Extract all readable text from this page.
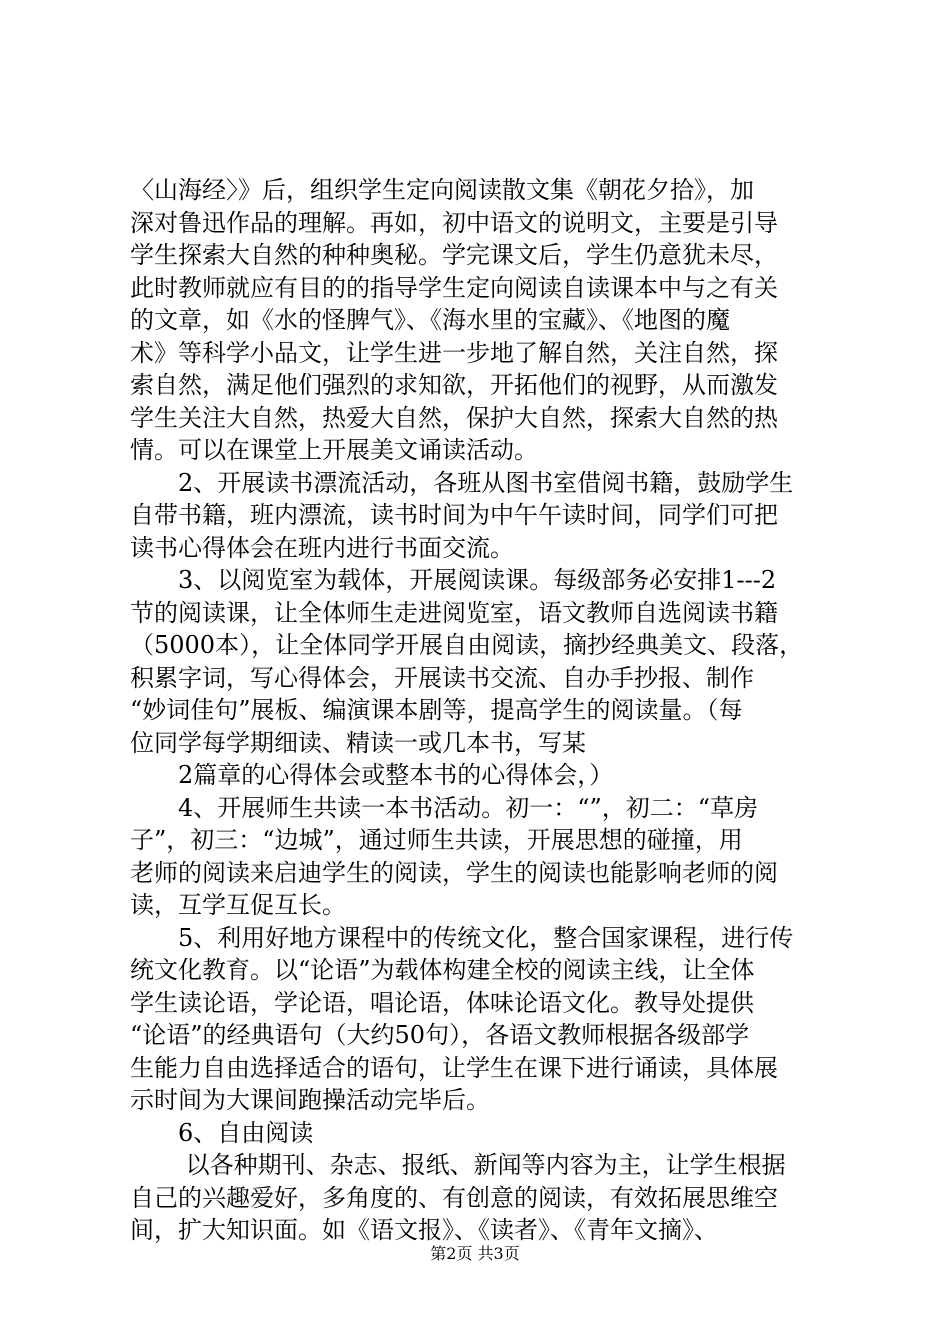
〈山海经〉》后，组织学生定向阅读散文集《朝花夕拾》，加
深对鲁迅作品的理解。再如，初中语文的说明文，主要是引导
学生探索大自然的种种奥秘。学完课文后，学生仍意犹未尽，
此时教师就应有目的的指导学生定向阅读自读课本中与之有关
的文章，如《水的怪脾气》、《海水里的宝藏》、《地图的魔
术》等科学小品文，让学生进一步地了解自然，关注自然，探
索自然，满足他们强烈的求知欲，开拓他们的视野，从而激发
学生关注大自然，热爱大自然，保护大自然，探索大自然的热
情。可以在课堂上开展美文诵读活动。
　　2、开展读书漂流活动，各班从图书室借阅书籍，鼓励学生
自带书籍，班内漂流，读书时间为中午午读时间，同学们可把
读书心得体会在班内进行书面交流。
　　3、以阅览室为载体，开展阅读课。每级部务必安排1---2
节的阅读课，让全体师生走进阅览室，语文教师自选阅读书籍
（5000本），让全体同学开展自由阅读，摘抄经典美文、段落，
积累字词，写心得体会，开展读书交流、自办手抄报、制作
“妙词佳句”展板、编演课本剧等，提高学生的阅读量。（每
位同学每学期细读、精读一或几本书，写某
　　2篇章的心得体会或整本书的心得体会，）
　　4、开展师生共读一本书活动。初一：“”，初二：“草房
子”，初三：“边城”，通过师生共读，开展思想的碰撞，用
老师的阅读来启迪学生的阅读，学生的阅读也能影响老师的阅
读，互学互促互长。
　　5、利用好地方课程中的传统文化，整合国家课程，进行传
统文化教育。以“论语”为载体构建全校的阅读主线，让全体
学生读论语，学论语，唱论语，体味论语文化。教导处提供
“论语”的经典语句（大约50句），各语文教师根据各级部学
生能力自由选择适合的语句，让学生在课下进行诵读，具体展
示时间为大课间跑操活动完毕后。
　　6、自由阅读
　　 以各种期刊、杂志、报纸、新闻等内容为主，让学生根据
自己的兴趣爱好，多角度的、有创意的阅读，有效拓展思维空
间，扩大知识面。如《语文报》、《读者》、《青年文摘》、
第2页 共3页
